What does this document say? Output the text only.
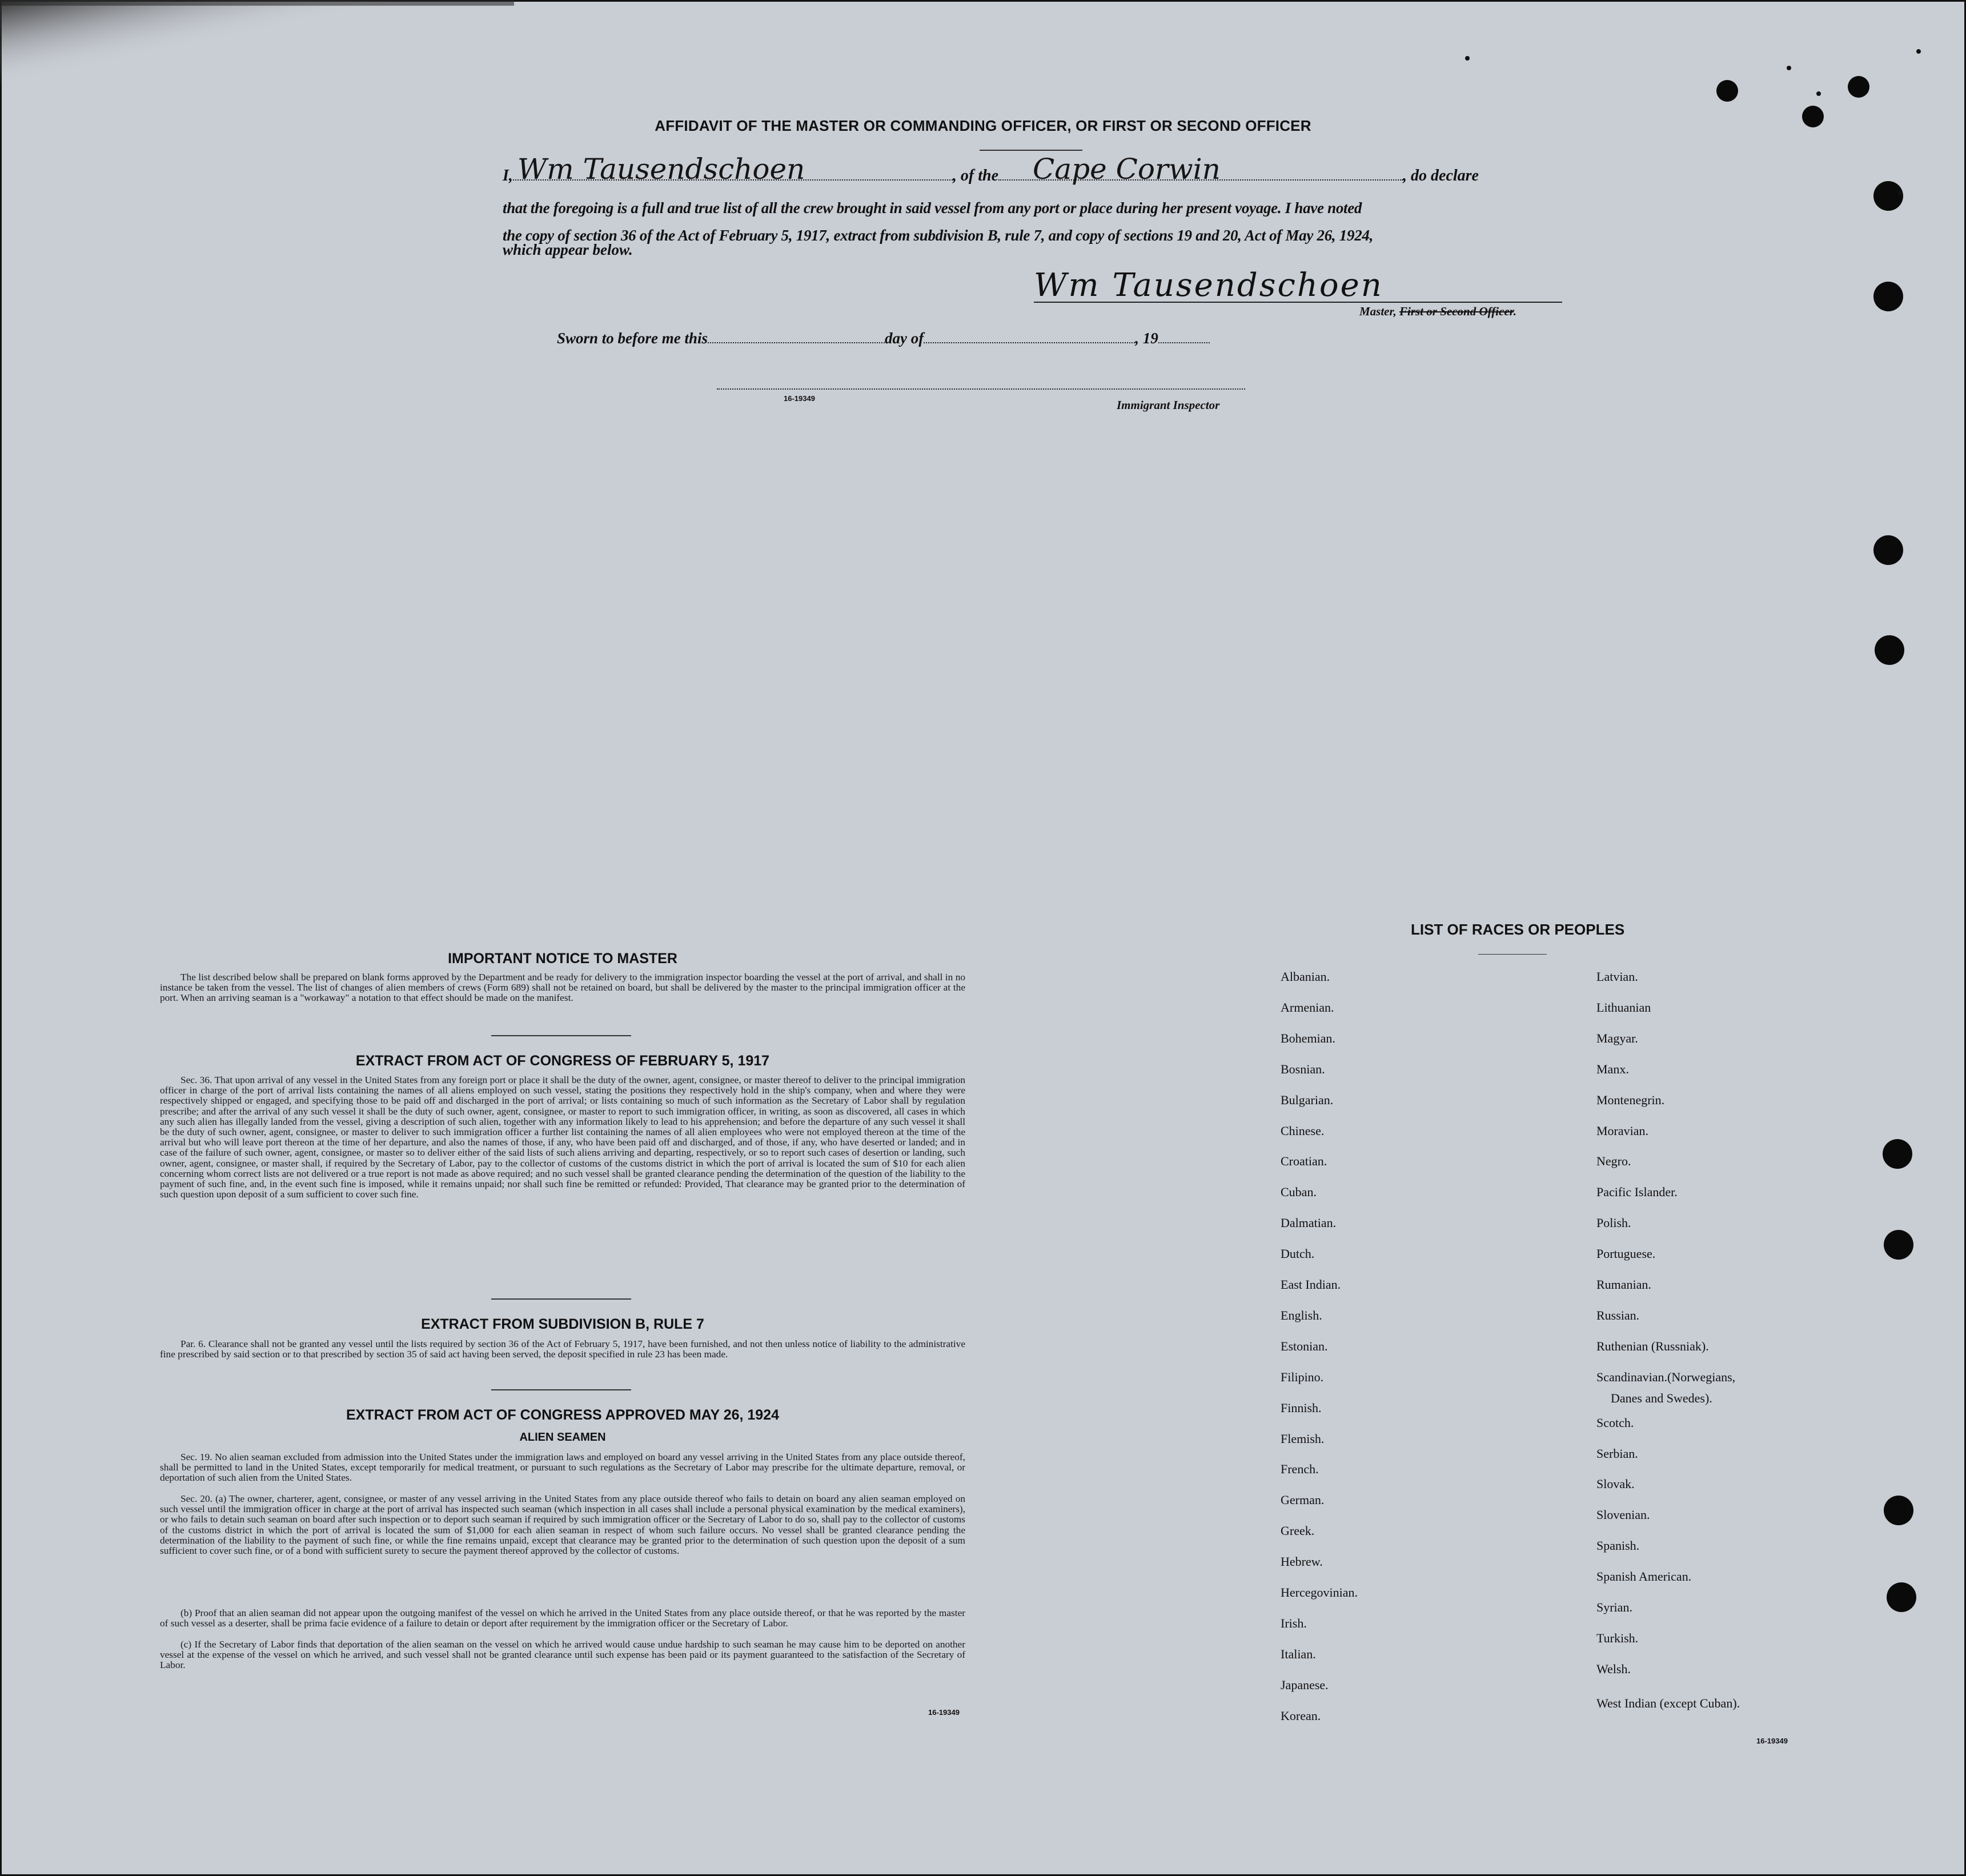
AFFIDAVIT OF THE MASTER OR COMMANDING OFFICER, OR FIRST OR SECOND OFFICER
I, Wm Tausendschoen	, of the Cape Corwin	, do declare
that the foregoing is a full and true list of all the crew brought in said vessel from any port or place during her present voyage. I have noted
the copy of section 36 of the Act of February 5, 1917, extract from subdivision B, rule 7, and copy of sections 19 and 20, Act of May 26, 1924,
which appear below.
Wm Tausendschoen
Master, First or Second Officer.
Sworn to before me this	day of	, 19
16-19349	Immigrant Inspector
IMPORTANT NOTICE TO MASTER
The list described below shall be prepared on blank forms approved by the Department and be ready for delivery to the immigration inspector boarding the vessel at the port of arrival, and shall in no instance be taken from the vessel. The list of changes of alien members of crews (Form 689) shall not be retained on board, but shall be delivered by the master to the principal immigration officer at the port. When an arriving seaman is a "workaway" a notation to that effect should be made on the manifest.
EXTRACT FROM ACT OF CONGRESS OF FEBRUARY 5, 1917
Sec. 36. That upon arrival of any vessel in the United States from any foreign port or place it shall be the duty of the owner, agent, consignee, or master thereof to deliver to the principal immigration officer in charge of the port of arrival lists containing the names of all aliens employed on such vessel, stating the positions they respectively hold in the ship's company, when and where they were respectively shipped or engaged, and specifying those to be paid off and discharged in the port of arrival; or lists containing so much of such information as the Secretary of Labor shall by regulation prescribe; and after the arrival of any such vessel it shall be the duty of such owner, agent, consignee, or master to report to such immigration officer, in writing, as soon as discovered, all cases in which any such alien has illegally landed from the vessel, giving a description of such alien, together with any information likely to lead to his apprehension; and before the departure of any such vessel it shall be the duty of such owner, agent, consignee, or master to deliver to such immigration officer a further list containing the names of all alien employees who were not employed thereon at the time of the arrival but who will leave port thereon at the time of her departure, and also the names of those, if any, who have been paid off and discharged, and of those, if any, who have deserted or landed; and in case of the failure of such owner, agent, consignee, or master so to deliver either of the said lists of such aliens arriving and departing, respectively, or so to report such cases of desertion or landing, such owner, agent, consignee, or master shall, if required by the Secretary of Labor, pay to the collector of customs of the customs district in which the port of arrival is located the sum of $10 for each alien concerning whom correct lists are not delivered or a true report is not made as above required; and no such vessel shall be granted clearance pending the determination of the question of the liability to the payment of such fine, and, in the event such fine is imposed, while it remains unpaid; nor shall such fine be remitted or refunded: Provided, That clearance may be granted prior to the determination of such question upon deposit of a sum sufficient to cover such fine.
EXTRACT FROM SUBDIVISION B, RULE 7
Par. 6. Clearance shall not be granted any vessel until the lists required by section 36 of the Act of February 5, 1917, have been furnished, and not then unless notice of liability to the administrative fine prescribed by said section or to that prescribed by section 35 of said act having been served, the deposit specified in rule 23 has been made.
EXTRACT FROM ACT OF CONGRESS APPROVED MAY 26, 1924
ALIEN SEAMEN
Sec. 19. No alien seaman excluded from admission into the United States under the immigration laws and employed on board any vessel arriving in the United States from any place outside thereof, shall be permitted to land in the United States, except temporarily for medical treatment, or pursuant to such regulations as the Secretary of Labor may prescribe for the ultimate departure, removal, or deportation of such alien from the United States.
Sec. 20. (a) The owner, charterer, agent, consignee, or master of any vessel arriving in the United States from any place outside thereof who fails to detain on board any alien seaman employed on such vessel until the immigration officer in charge at the port of arrival has inspected such seaman (which inspection in all cases shall include a personal physical examination by the medical examiners), or who fails to detain such seaman on board after such inspection or to deport such seaman if required by such immigration officer or the Secretary of Labor to do so, shall pay to the collector of customs of the customs district in which the port of arrival is located the sum of $1,000 for each alien seaman in respect of whom such failure occurs. No vessel shall be granted clearance pending the determination of the liability to the payment of such fine, or while the fine remains unpaid, except that clearance may be granted prior to the determination of such question upon the deposit of a sum sufficient to cover such fine, or of a bond with sufficient surety to secure the payment thereof approved by the collector of customs.
(b) Proof that an alien seaman did not appear upon the outgoing manifest of the vessel on which he arrived in the United States from any place outside thereof, or that he was reported by the master of such vessel as a deserter, shall be prima facie evidence of a failure to detain or deport after requirement by the immigration officer or the Secretary of Labor.
(c) If the Secretary of Labor finds that deportation of the alien seaman on the vessel on which he arrived would cause undue hardship to such seaman he may cause him to be deported on another vessel at the expense of the vessel on which he arrived, and such vessel shall not be granted clearance until such expense has been paid or its payment guaranteed to the satisfaction of the Secretary of Labor.
16-19349
LIST OF RACES OR PEOPLES
Danes and Swedes).
16-19349
Albanian.
Armenian.
Bohemian.
Bosnian.
Bulgarian.
Chinese.
Croatian.
Cuban.
Dalmatian.
Dutch.
East Indian.
English.
Estonian.
Filipino.
Finnish.
Flemish.
French.
German.
Greek.
Hebrew.
Hercegovinian.
Irish.
Italian.
Japanese.
Korean.
Latvian.
Lithuanian
Magyar.
Manx.
Montenegrin.
Moravian.
Negro.
Pacific Islander.
Polish.
Portuguese.
Rumanian.
Russian.
Ruthenian (Russniak).
Scandinavian.(Norwegians,
Scotch.
Serbian.
Slovak.
Slovenian.
Spanish.
Spanish American.
Syrian.
Turkish.
Welsh.
West Indian (except Cuban).
